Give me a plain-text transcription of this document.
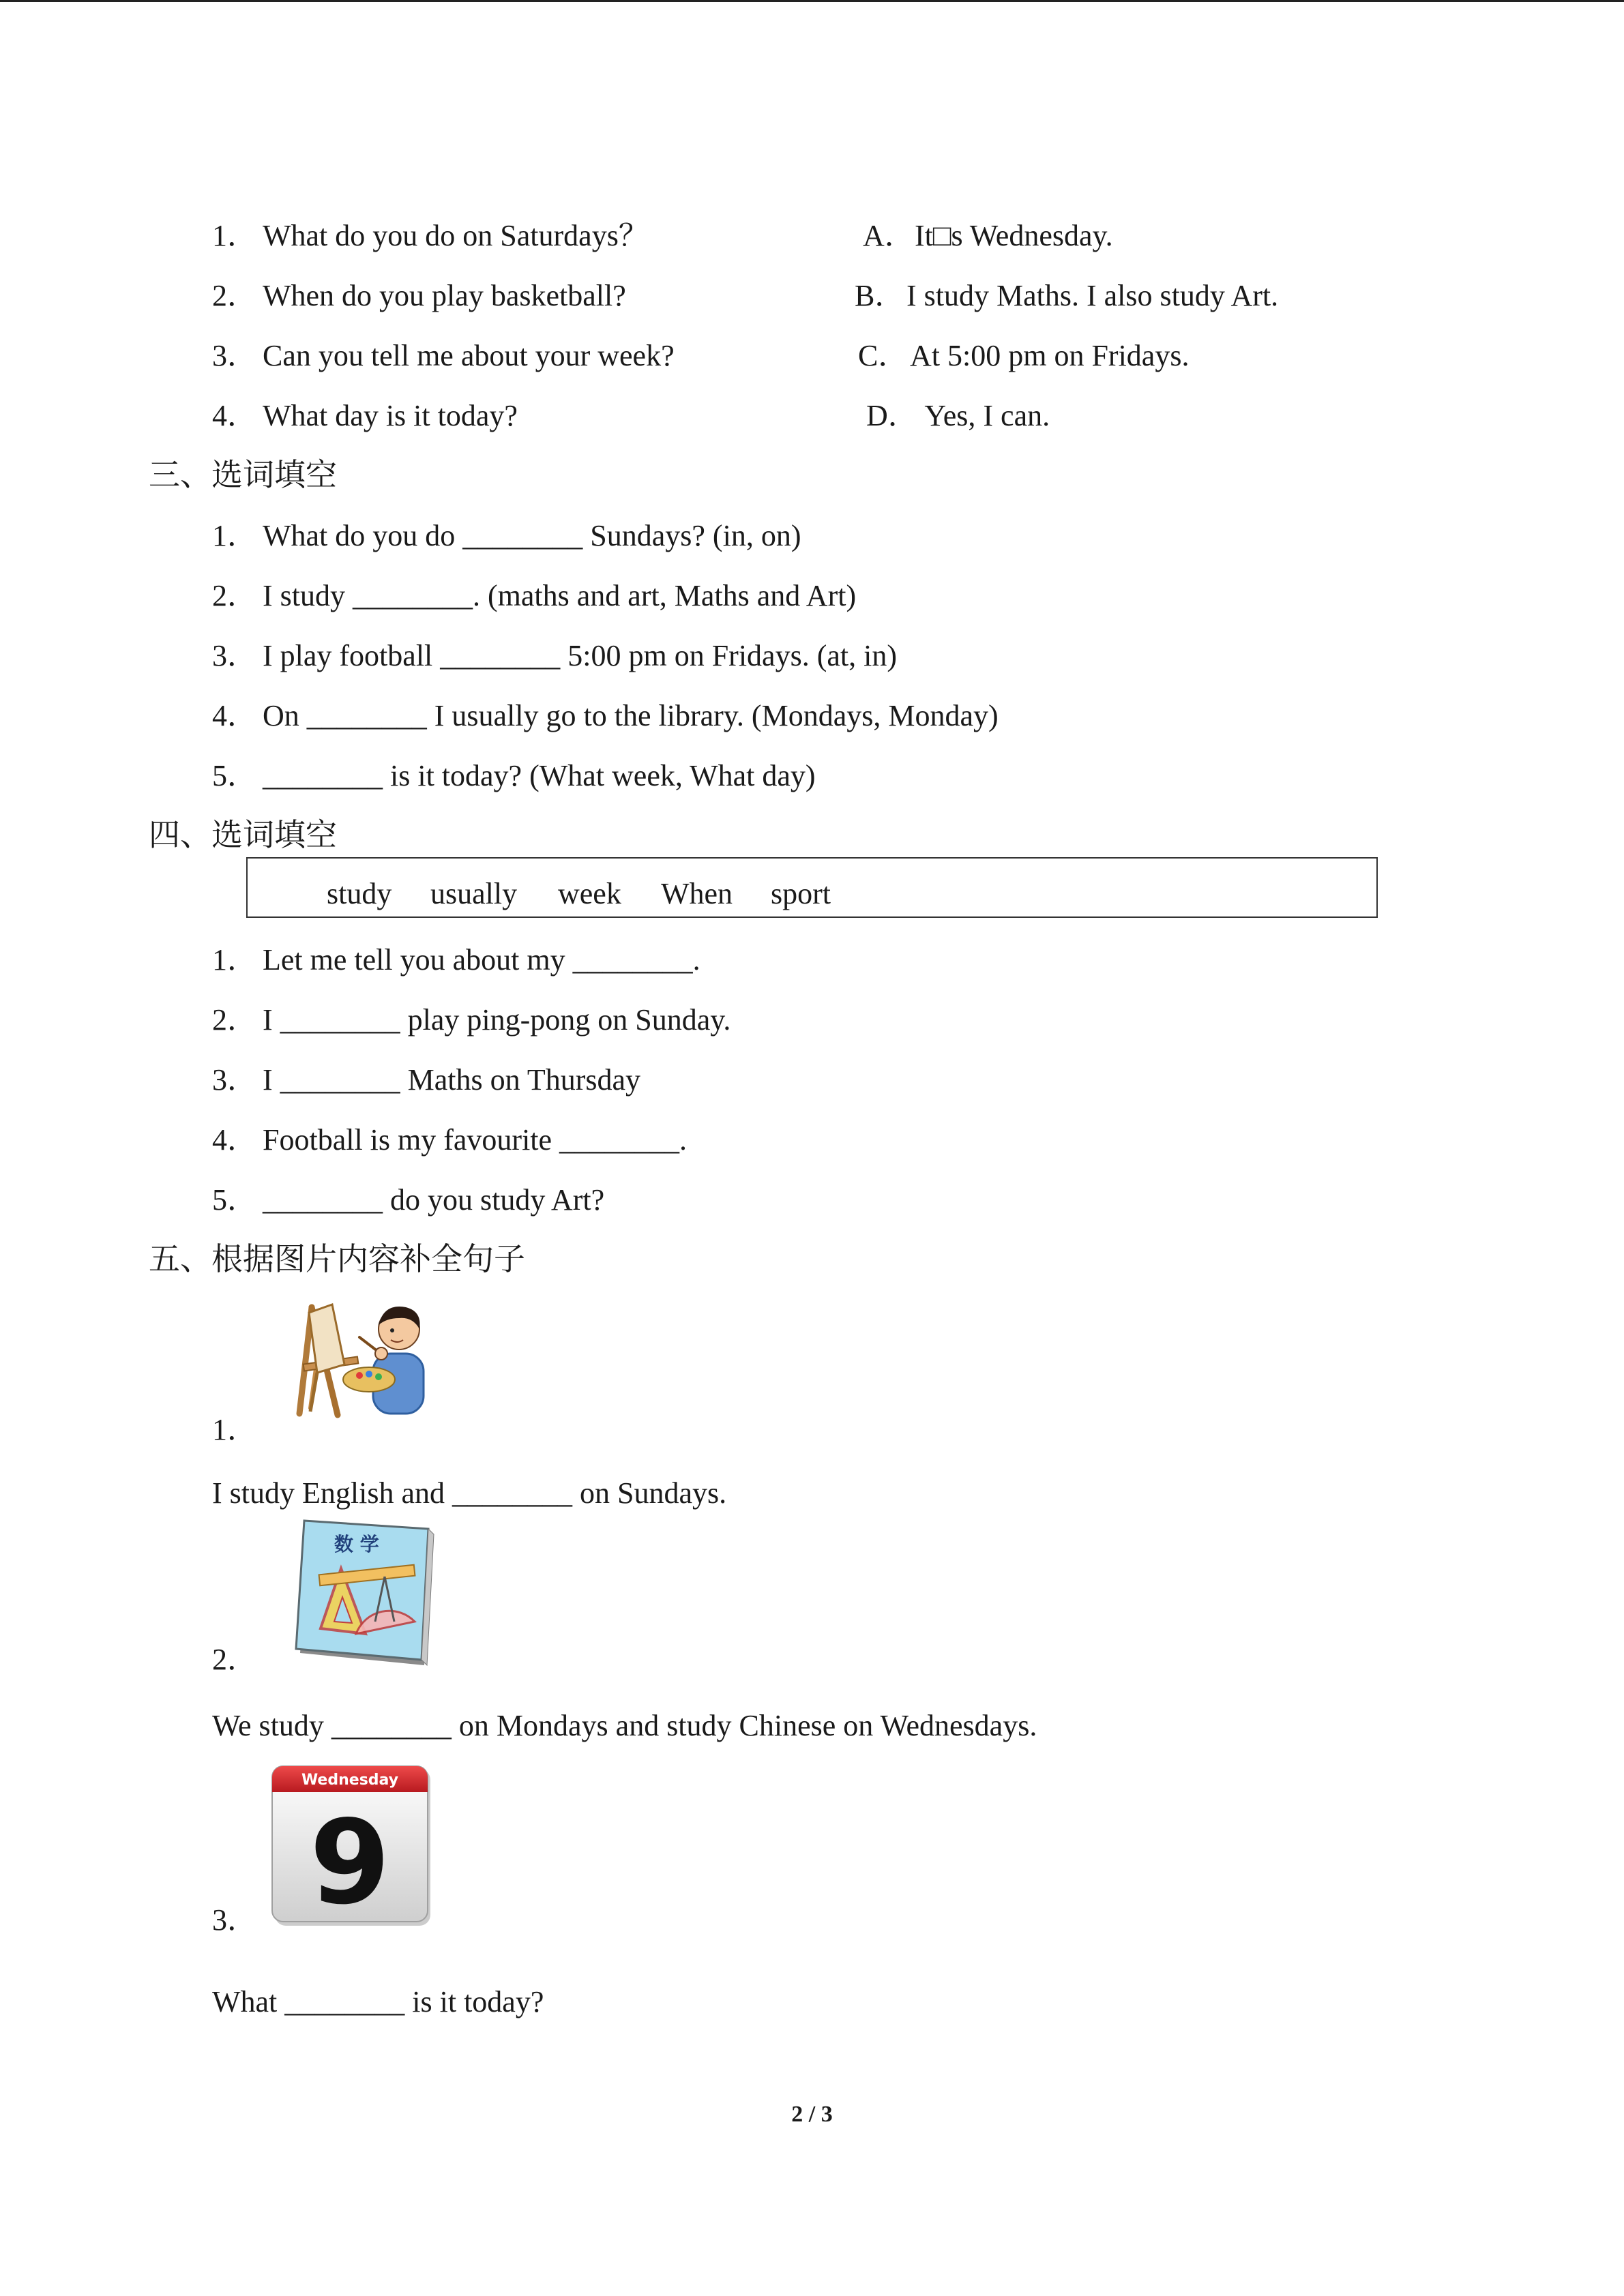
1． What do you do on Saturdays？
2． When do you play basketball?
3． Can you tell me about your week?
4． What day is it today?
A．It□s Wednesday.
B．I study Maths. I also study Art.
C．At 5:00 pm on Fridays.
D． Yes, I can.
三、选词填空
1． What do you do ________ Sundays? (in, on)
2． I study ________. (maths and art, Maths and Art)
3． I play football ________ 5:00 pm on Fridays. (at, in)
4． On ________ I usually go to the library. (Mondays, Monday)
5． ________ is it today? (What week, What day)
四、选词填空
study usually week When sport
1． Let me tell you about my ________.
2． I ________ play ping-pong on Sunday.
3． I ________ Maths on Thursday
4． Football is my favourite ________.
5． ________ do you study Art?
五、根据图片内容补全句子
1．
I study English and ________ on Sundays.
数 学
2．
We study ________ on Mondays and study Chinese on Wednesdays.
Wednesday
9
3．
What ________ is it today?
2 / 3
